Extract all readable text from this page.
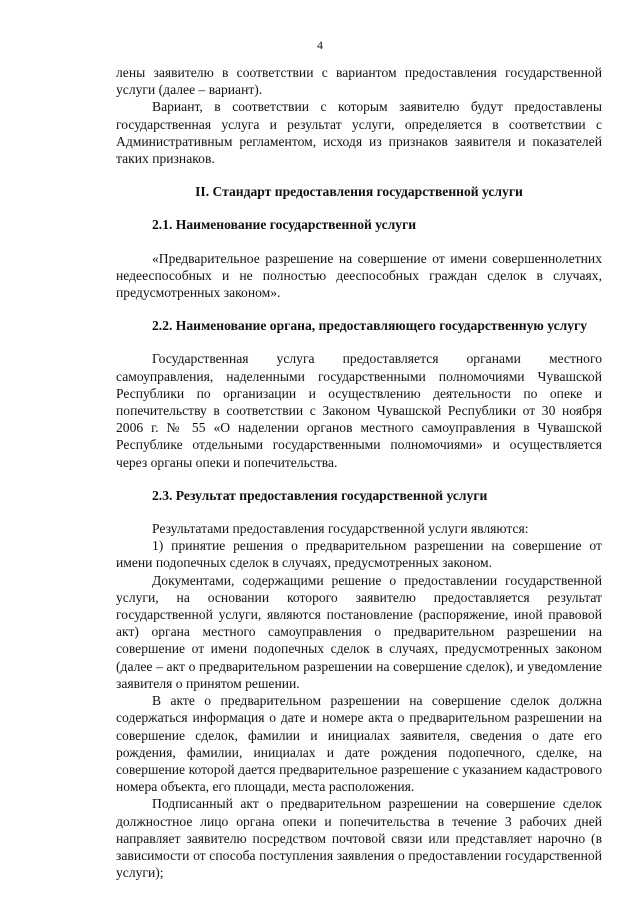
4

лены заявителю в соответствии с вариантом предоставления государственной услуги (далее – вариант).

Вариант, в соответствии с которым заявителю будут предоставлены государственная услуга и результат услуги, определяется в соответствии с Административным регламентом, исходя из признаков заявителя и показателей таких признаков.

II. Стандарт предоставления государственной услуги
2.1. Наименование государственной услуги

«Предварительное разрешение на совершение от имени совершеннолетних недееспособных и не полностью дееспособных граждан сделок в случаях, предусмотренных законом».

2.2. Наименование органа, предоставляющего государственную услугу

Государственная услуга предоставляется органами местного самоуправления, наделенными государственными полномочиями Чувашской Республики по организации и осуществлению деятельности по опеке и попечительству в соответствии с Законом Чувашской Республики от 30 ноября 2006 г. № 55 «О наделении органов местного самоуправления в Чувашской Республике отдельными государственными полномочиями» и осуществляется через органы опеки и попечительства.

2.3. Результат предоставления государственной услуги

Результатами предоставления государственной услуги являются:

1) принятие решения о предварительном разрешении на совершение от имени подопечных сделок в случаях, предусмотренных законом.

Документами, содержащими решение о предоставлении государственной услуги, на основании которого заявителю предоставляется результат государственной услуги, являются постановление (распоряжение, иной правовой акт) органа местного самоуправления о предварительном разрешении на совершение от имени подопечных сделок в случаях, предусмотренных законом (далее – акт о предварительном разрешении на совершение сделок), и уведомление заявителя о принятом решении.

В акте о предварительном разрешении на совершение сделок должна содержаться информация о дате и номере акта о предварительном разрешении на совершение сделок, фамилии и инициалах заявителя, сведения о дате его рождения, фамилии, инициалах и дате рождения подопечного, сделке, на совершение которой дается предварительное разрешение с указанием кадастрового номера объекта, его площади, места расположения.

Подписанный акт о предварительном разрешении на совершение сделок должностное лицо органа опеки и попечительства в течение 3 рабочих дней направляет заявителю посредством почтовой связи или представляет нарочно (в зависимости от способа поступления заявления о предоставлении государственной услуги);
